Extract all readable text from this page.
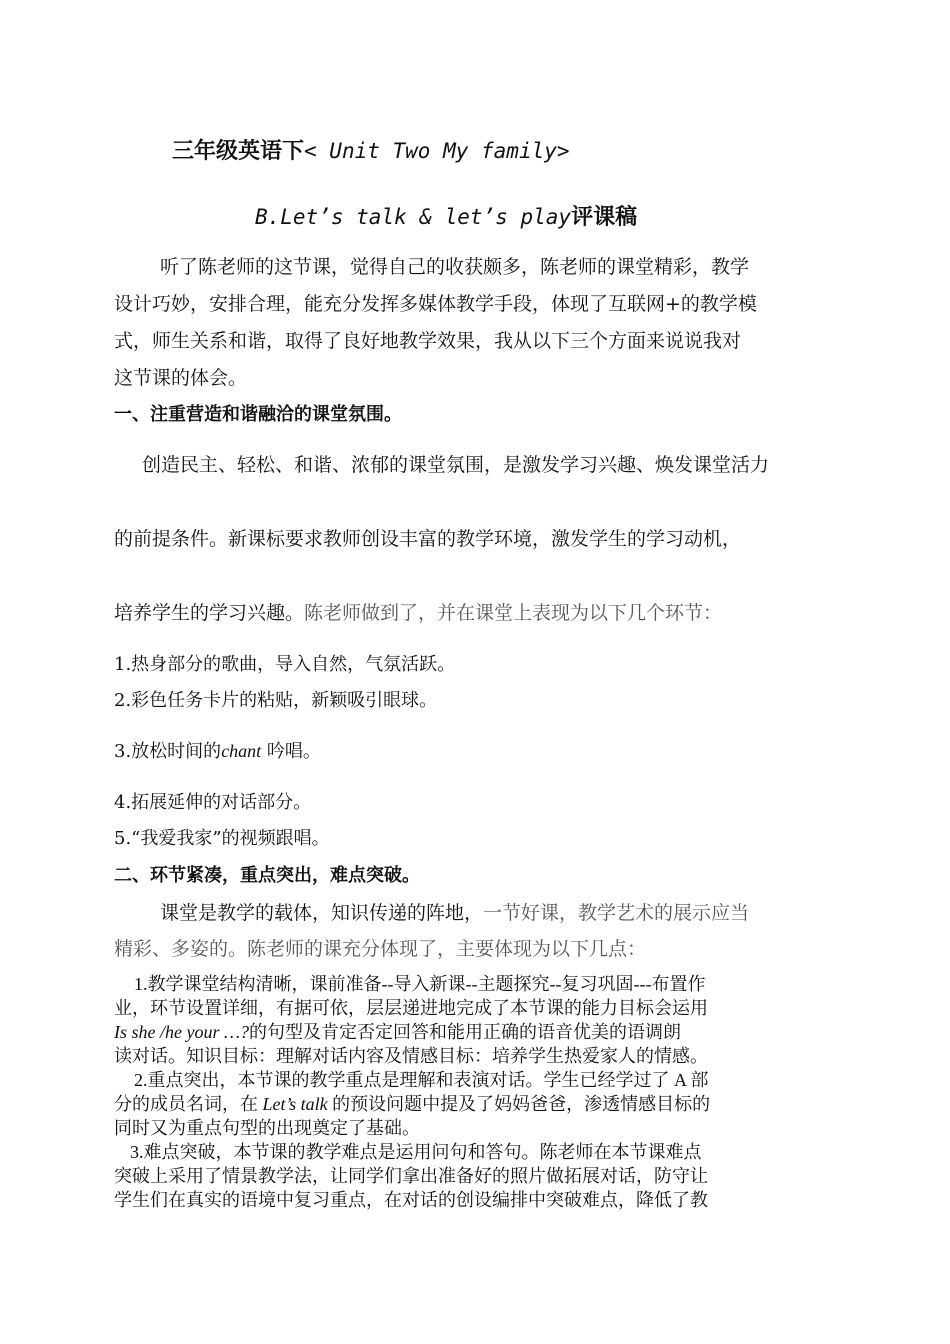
三年级英语下< Unit Two My family>
B.Let’s talk & let’s play评课稿
听了陈老师的这节课，觉得自己的收获颇多，陈老师的课堂精彩，教学
设计巧妙，安排合理，能充分发挥多媒体教学手段，体现了互联网+的教学模
式，师生关系和谐，取得了良好地教学效果，我从以下三个方面来说说我对
这节课的体会。
一、注重营造和谐融洽的课堂氛围。
创造民主、轻松、和谐、浓郁的课堂氛围，是激发学习兴趣、焕发课堂活力
的前提条件。新课标要求教师创设丰富的教学环境，激发学生的学习动机，
培养学生的学习兴趣。陈老师做到了，并在课堂上表现为以下几个环节：
1.热身部分的歌曲，导入自然，气氛活跃。
2.彩色任务卡片的粘贴，新颖吸引眼球。
3.放松时间的chant 吟唱。
4.拓展延伸的对话部分。
5.“我爱我家”的视频跟唱。
二、环节紧凑，重点突出，难点突破。
课堂是教学的载体，知识传递的阵地，一节好课，教学艺术的展示应当
精彩、多姿的。陈老师的课充分体现了，主要体现为以下几点：
1.教学课堂结构清晰，课前准备--导入新课--主题探究--复习巩固---布置作
业，环节设置详细，有据可依，层层递进地完成了本节课的能力目标会运用
Is she /he your …?的句型及肯定否定回答和能用正确的语音优美的语调朗
读对话。知识目标：理解对话内容及情感目标：培养学生热爱家人的情感。
2.重点突出，本节课的教学重点是理解和表演对话。学生已经学过了 A 部
分的成员名词，在 Let’s talk 的预设问题中提及了妈妈爸爸，渗透情感目标的
同时又为重点句型的出现奠定了基础。
3.难点突破，本节课的教学难点是运用问句和答句。陈老师在本节课难点
突破上采用了情景教学法，让同学们拿出准备好的照片做拓展对话，防守让
学生们在真实的语境中复习重点，在对话的创设编排中突破难点，降低了教
